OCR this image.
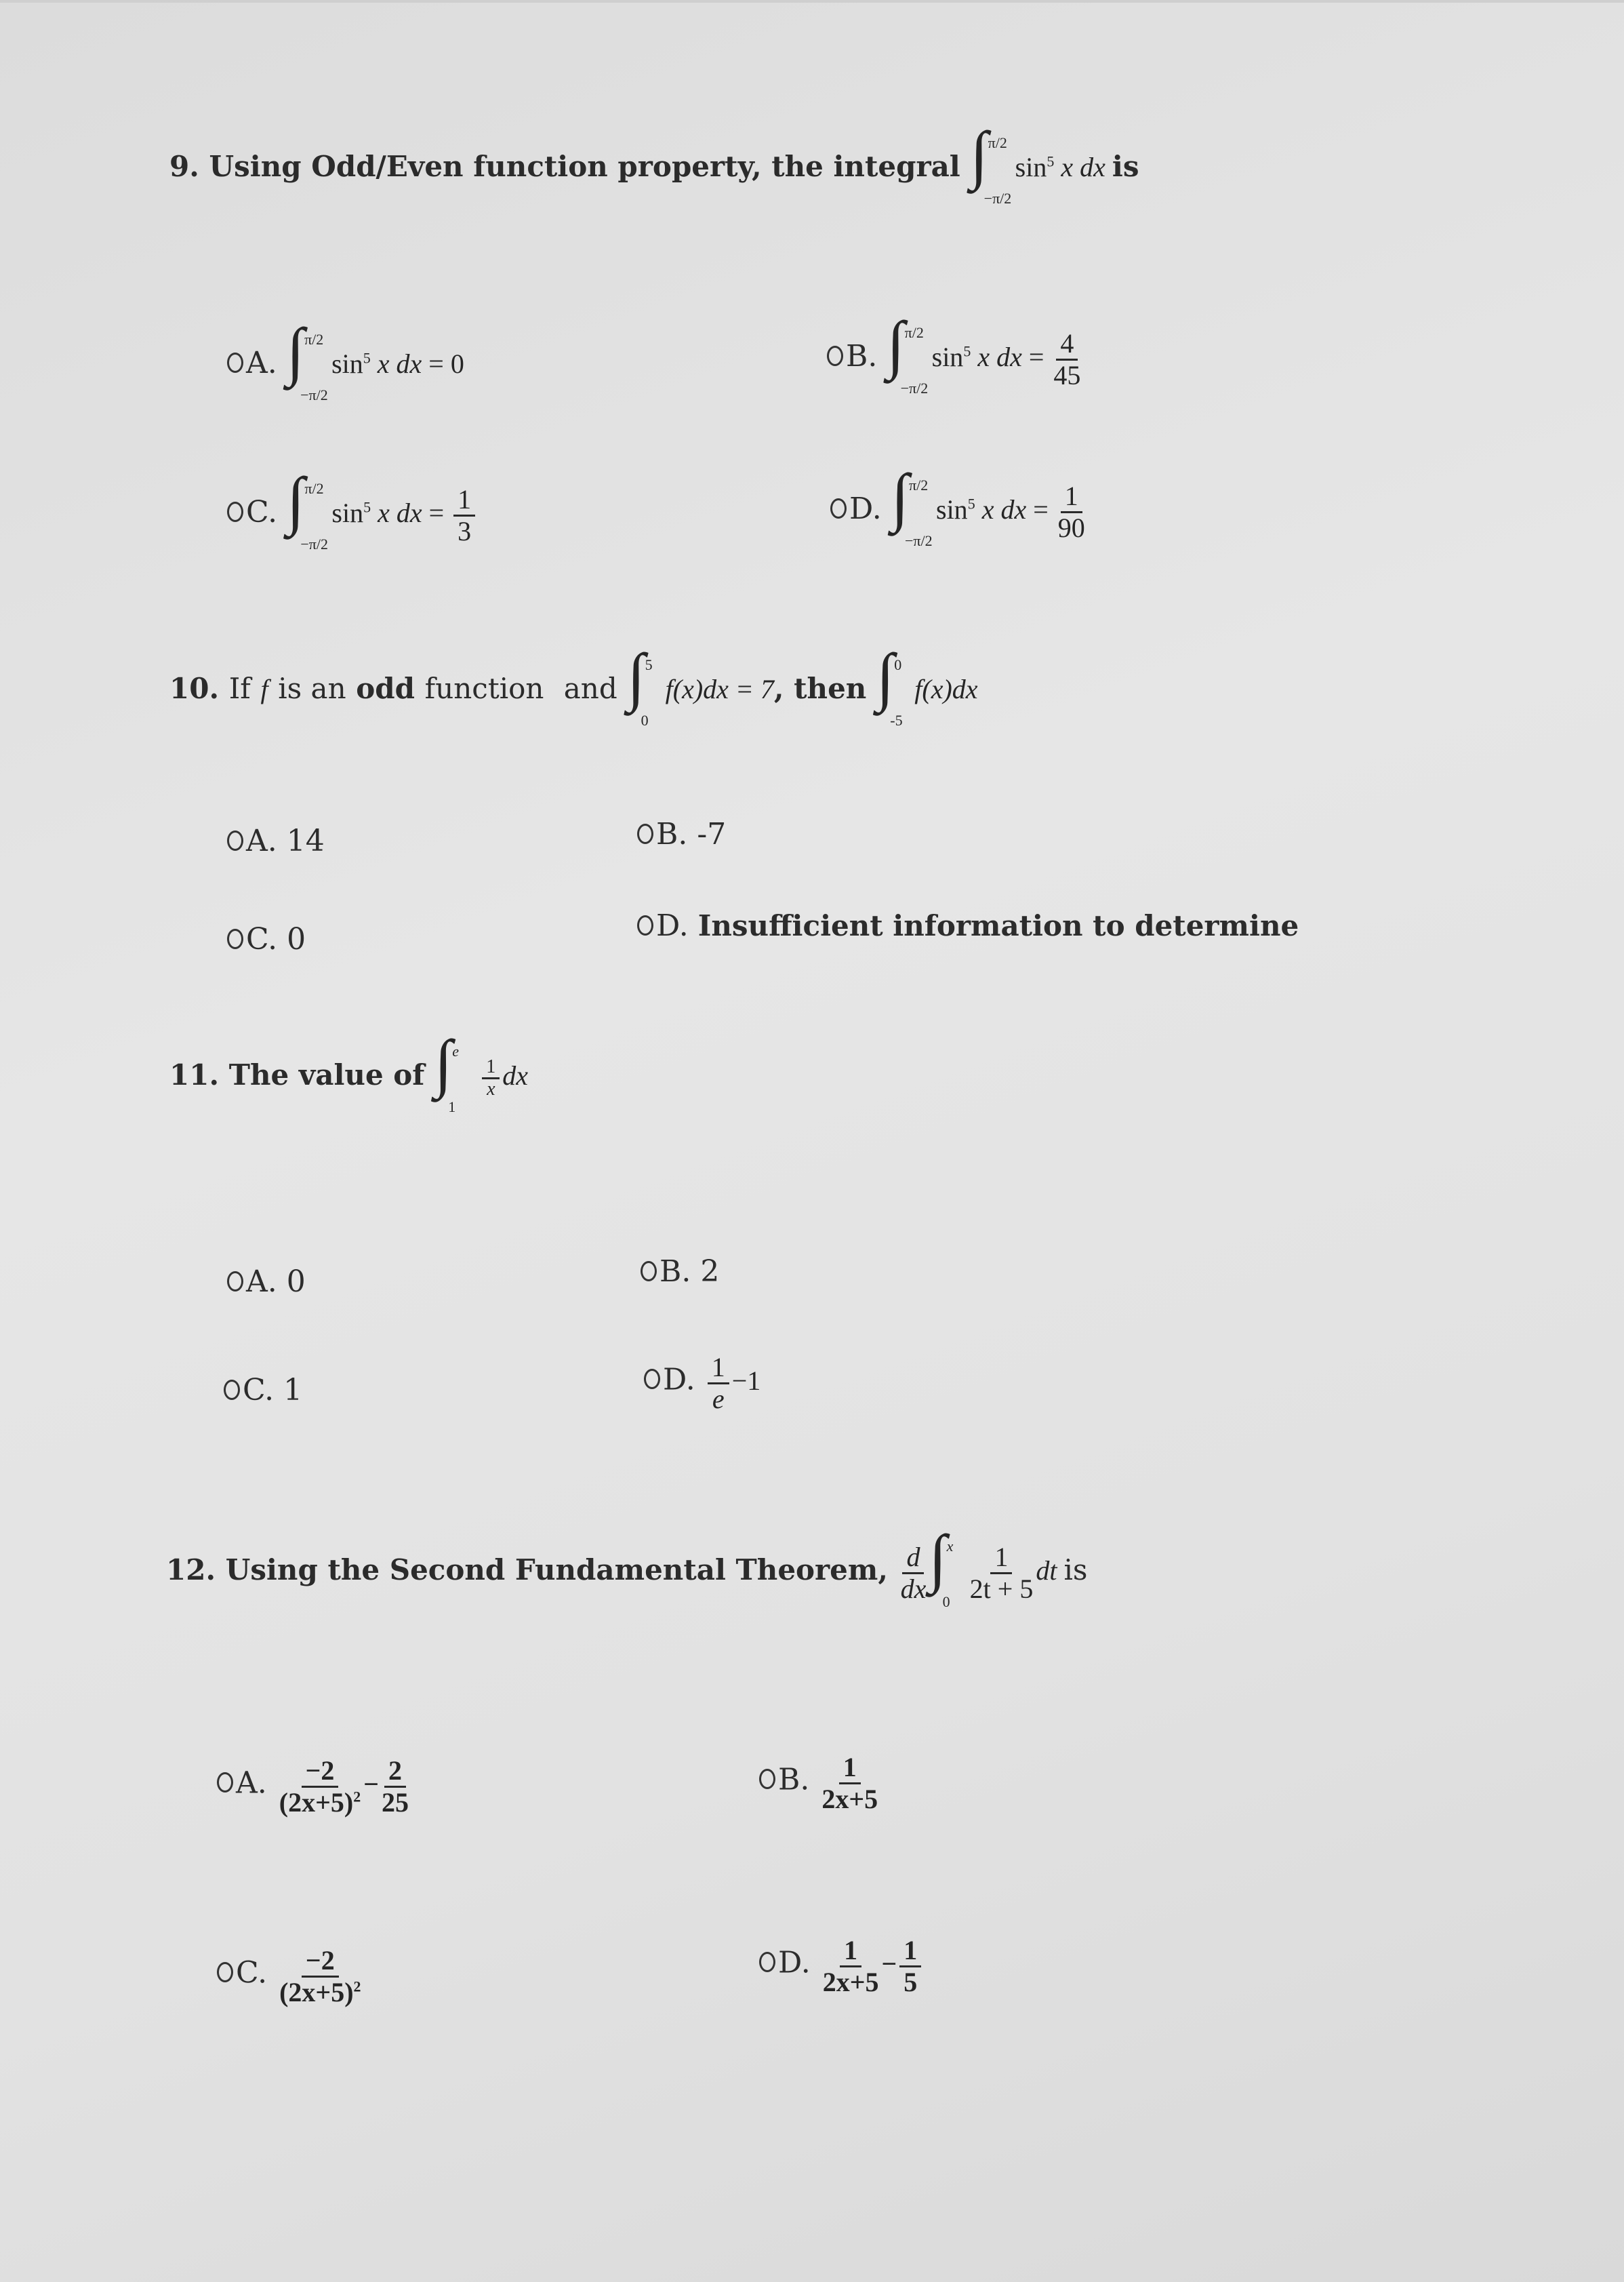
9. Using Odd/Even function property, the integral ∫ π/2
−π/2
$\sin^5 x$ dx is
A. ∫ π/2
−π/2
$\sin^5 x$ dx = 0	B. ∫ π/2
−π/2
$\sin^5 x$ dx = $\frac{4}{45}$
C. ∫ π/2
−π/2
$\sin^5 x$ dx = $\frac{1}{3}$	D. ∫ π/2
−π/2
$\sin^5 x$ dx = $\frac{1}{90}$
10. If f is an odd function and ∫ 5
0
f(x)dx = 7, then ∫ 0
-5
f(x)dx
A. 14	B. -7
C. 0	D. Insufficient information to determine
11. The value of ∫ e
1

$\frac{1}{x}$ dx
A. 0	B. 2
C. 1	D. $\frac{1}{e} -1$
12. Using the Second Fundamental Theorem, $\frac{d}{dx}$ ∫ x
$0 \frac{1}{2t + 5}$ dt is
A. $\frac{-2}{(2x+5)^2} - \frac{2}{25}$	B. $\frac{1}{2x+5}$
C. $\frac{-2}{(2x+5)^2}$	D. $\frac{1}{2x+5} - \frac{1}{5}$
